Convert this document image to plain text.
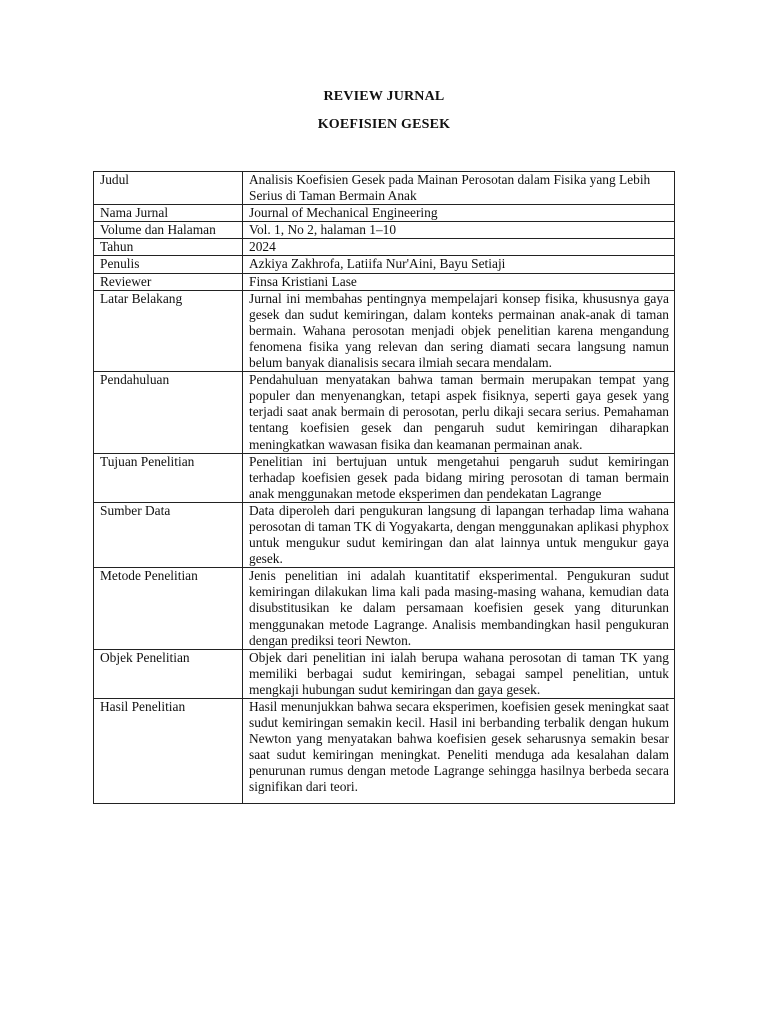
REVIEW JURNAL
KOEFISIEN GESEK
Judul	Analisis Koefisien Gesek pada Mainan Perosotan dalam Fisika yang Lebih Serius di Taman Bermain Anak
Nama Jurnal	Journal of Mechanical Engineering
Volume dan Halaman	Vol. 1, No 2, halaman 1–10
Tahun	2024
Penulis	Azkiya Zakhrofa, Latiifa Nur'Aini, Bayu Setiaji
Reviewer	Finsa Kristiani Lase
Latar Belakang	Jurnal ini membahas pentingnya mempelajari konsep fisika, khususnya gaya gesek dan sudut kemiringan, dalam konteks permainan anak-anak di taman bermain. Wahana perosotan menjadi objek penelitian karena mengandung fenomena fisika yang relevan dan sering diamati secara langsung namun belum banyak dianalisis secara ilmiah secara mendalam.
Pendahuluan	Pendahuluan menyatakan bahwa taman bermain merupakan tempat yang populer dan menyenangkan, tetapi aspek fisiknya, seperti gaya gesek yang terjadi saat anak bermain di perosotan, perlu dikaji secara serius. Pemahaman tentang koefisien gesek dan pengaruh sudut kemiringan diharapkan meningkatkan wawasan fisika dan keamanan permainan anak.
Tujuan Penelitian	Penelitian ini bertujuan untuk mengetahui pengaruh sudut kemiringan terhadap koefisien gesek pada bidang miring perosotan di taman bermain anak menggunakan metode eksperimen dan pendekatan Lagrange
Sumber Data	Data diperoleh dari pengukuran langsung di lapangan terhadap lima wahana perosotan di taman TK di Yogyakarta, dengan menggunakan aplikasi phyphox untuk mengukur sudut kemiringan dan alat lainnya untuk mengukur gaya gesek.
Metode Penelitian	Jenis penelitian ini adalah kuantitatif eksperimental. Pengukuran sudut kemiringan dilakukan lima kali pada masing-masing wahana, kemudian data disubstitusikan ke dalam persamaan koefisien gesek yang diturunkan menggunakan metode Lagrange. Analisis membandingkan hasil pengukuran dengan prediksi teori Newton.
Objek Penelitian	Objek dari penelitian ini ialah berupa wahana perosotan di taman TK yang memiliki berbagai sudut kemiringan, sebagai sampel penelitian, untuk mengkaji hubungan sudut kemiringan dan gaya gesek.
Hasil Penelitian	Hasil menunjukkan bahwa secara eksperimen, koefisien gesek meningkat saat sudut kemiringan semakin kecil. Hasil ini berbanding terbalik dengan hukum Newton yang menyatakan bahwa koefisien gesek seharusnya semakin besar saat sudut kemiringan meningkat. Peneliti menduga ada kesalahan dalam penurunan rumus dengan metode Lagrange sehingga hasilnya berbeda secara signifikan dari teori.
